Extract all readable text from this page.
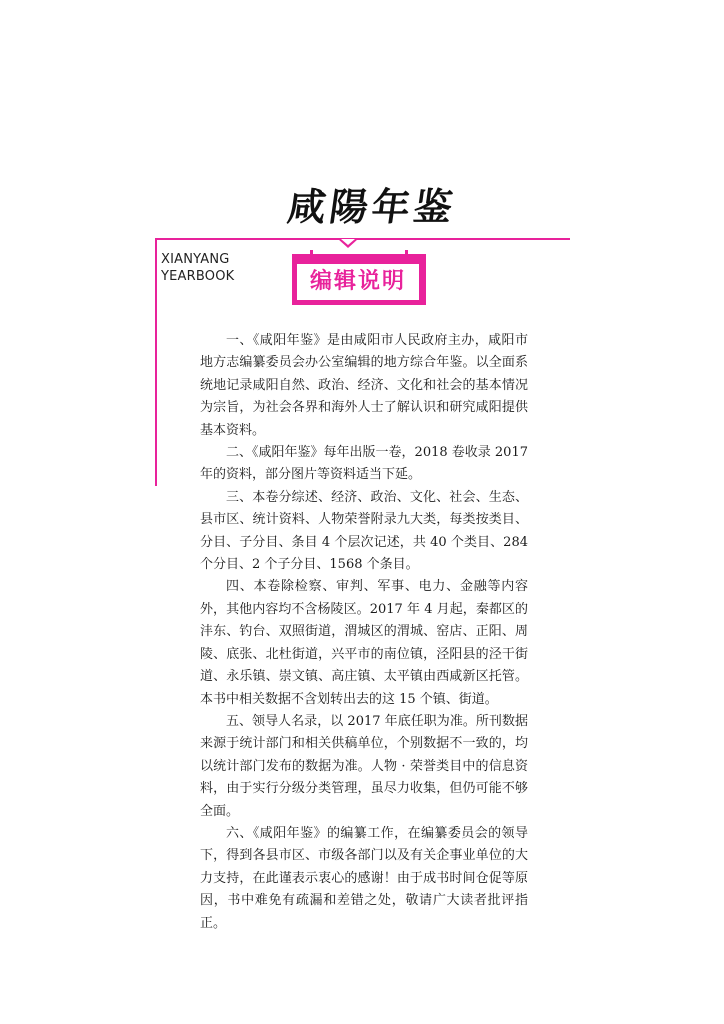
咸陽年鉴
XIANYANG
YEARBOOK	编辑说明

一、《咸阳年鉴》是由咸阳市人民政府主办，咸阳市地方志编纂委员会办公室编辑的地方综合年鉴。以全面系统地记录咸阳自然、政治、经济、文化和社会的基本情况为宗旨，为社会各界和海外人士了解认识和研究咸阳提供基本资料。

二、《咸阳年鉴》每年出版一卷，2018 卷收录 2017 年的资料，部分图片等资料适当下延。

三、本卷分综述、经济、政治、文化、社会、生态、县市区、统计资料、人物荣誉附录九大类，每类按类目、分目、子分目、条目 4 个层次记述，共 40 个类目、284 个分目、2 个子分目、1568 个条目。

四、本卷除检察、审判、军事、电力、金融等内容外，其他内容均不含杨陵区。2017 年 4 月起，秦都区的沣东、钓台、双照街道，渭城区的渭城、窑店、正阳、周陵、底张、北杜街道，兴平市的南位镇，泾阳县的泾干街道、永乐镇、崇文镇、高庄镇、太平镇由西咸新区托管。本书中相关数据不含划转出去的这 15 个镇、街道。

五、领导人名录，以 2017 年底任职为准。所刊数据来源于统计部门和相关供稿单位，个别数据不一致的，均以统计部门发布的数据为准。人物 · 荣誉类目中的信息资料，由于实行分级分类管理，虽尽力收集，但仍可能不够全面。

六、《咸阳年鉴》的编纂工作，在编纂委员会的领导下，得到各县市区、市级各部门以及有关企事业单位的大力支持，在此谨表示衷心的感谢！由于成书时间仓促等原因，书中难免有疏漏和差错之处，敬请广大读者批评指正。
